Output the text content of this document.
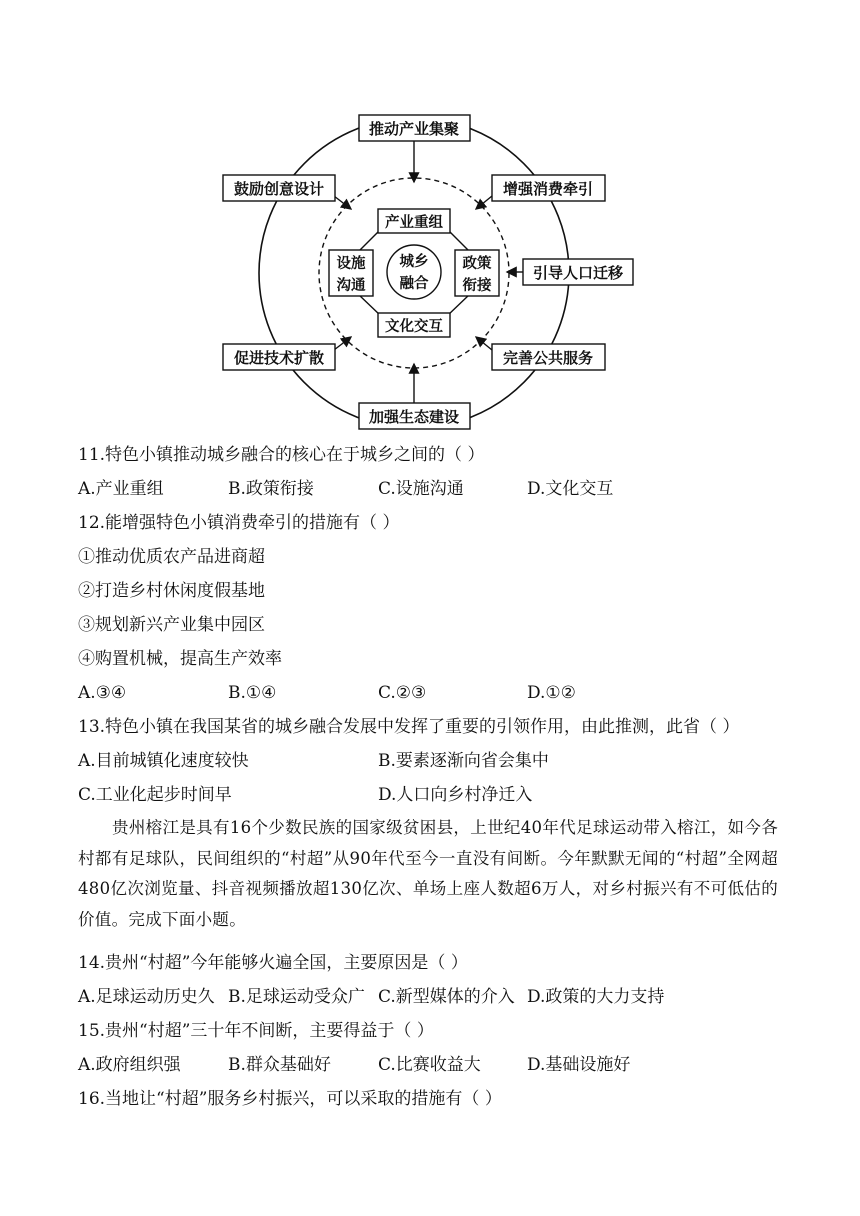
推动产业集聚
增强消费牵引
引导人口迁移
完善公共服务
加强生态建设
促进技术扩散
鼓励创意设计
产业重组
文化交互
设施
沟通
政策
衔接
城乡
融合
11.特色小镇推动城乡融合的核心在于城乡之间的（ ）
A.产业重组	B.政策衔接	C.设施沟通	D.文化交互
12.能增强特色小镇消费牵引的措施有（ ）
①推动优质农产品进商超
②打造乡村休闲度假基地
③规划新兴产业集中园区
④购置机械，提高生产效率
A.③④	B.①④	C.②③	D.①②
13.特色小镇在我国某省的城乡融合发展中发挥了重要的引领作用，由此推测，此省（ ）
A.目前城镇化速度较快	B.要素逐渐向省会集中
C.工业化起步时间早	D.人口向乡村净迁入
贵州榕江是具有16个少数民族的国家级贫困县，上世纪40年代足球运动带入榕江，如今各村都有足球队，民间组织的“村超”从90年代至今一直没有间断。今年默默无闻的“村超”全网超480亿次浏览量、抖音视频播放超130亿次、单场上座人数超6万人，对乡村振兴有不可低估的价值。完成下面小题。
14.贵州“村超”今年能够火遍全国，主要原因是（ ）
A.足球运动历史久 B.足球运动受众广 C.新型媒体的介入 D.政策的大力支持
15.贵州“村超”三十年不间断，主要得益于（ ）
A.政府组织强	B.群众基础好	C.比赛收益大	D.基础设施好
16.当地让“村超”服务乡村振兴，可以采取的措施有（ ）
